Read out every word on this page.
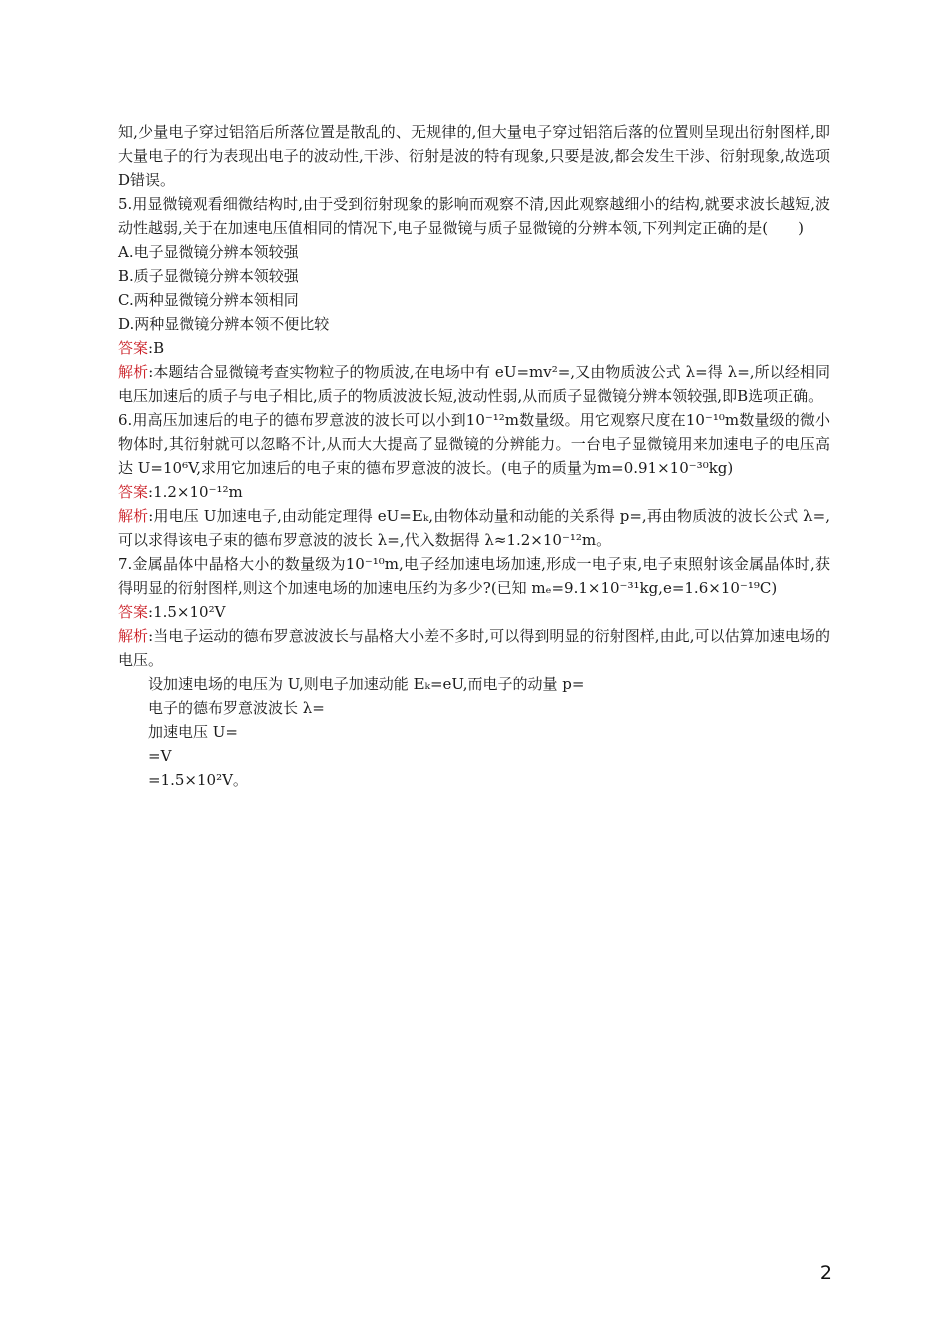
知,少量电子穿过铝箔后所落位置是散乱的、无规律的,但大量电子穿过铝箔后落的位置则呈现出衍射图样,即大量电子的行为表现出电子的波动性,干涉、衍射是波的特有现象,只要是波,都会发生干涉、衍射现象,故选项D错误。

5.用显微镜观看细微结构时,由于受到衍射现象的影响而观察不清,因此观察越细小的结构,就要求波长越短,波动性越弱,关于在加速电压值相同的情况下,电子显微镜与质子显微镜的分辨本领,下列判定正确的是(　　)

A.电子显微镜分辨本领较强

B.质子显微镜分辨本领较强

C.两种显微镜分辨本领相同

D.两种显微镜分辨本领不便比较

答案:B

解析:本题结合显微镜考查实物粒子的物质波,在电场中有 eU=mv²=,又由物质波公式 λ=得 λ=,所以经相同电压加速后的质子与电子相比,质子的物质波波长短,波动性弱,从而质子显微镜分辨本领较强,即B选项正确。

6.用高压加速后的电子的德布罗意波的波长可以小到10⁻¹²m数量级。用它观察尺度在10⁻¹⁰m数量级的微小物体时,其衍射就可以忽略不计,从而大大提高了显微镜的分辨能力。一台电子显微镜用来加速电子的电压高达 U=10⁶V,求用它加速后的电子束的德布罗意波的波长。(电子的质量为m=0.91×10⁻³⁰kg)

答案:1.2×10⁻¹²m

解析:用电压 U加速电子,由动能定理得 eU=Eₖ,由物体动量和动能的关系得 p=,再由物质波的波长公式 λ=,可以求得该电子束的德布罗意波的波长 λ=,代入数据得 λ≈1.2×10⁻¹²m。

7.金属晶体中晶格大小的数量级为10⁻¹⁰m,电子经加速电场加速,形成一电子束,电子束照射该金属晶体时,获得明显的衍射图样,则这个加速电场的加速电压约为多少?(已知 mₑ=9.1×10⁻³¹kg,e=1.6×10⁻¹⁹C)

答案:1.5×10²V

解析:当电子运动的德布罗意波波长与晶格大小差不多时,可以得到明显的衍射图样,由此,可以估算加速电场的电压。

设加速电场的电压为 U,则电子加速动能 Eₖ=eU,而电子的动量 p=

电子的德布罗意波波长 λ=

加速电压 U=

=V

=1.5×10²V。

2
